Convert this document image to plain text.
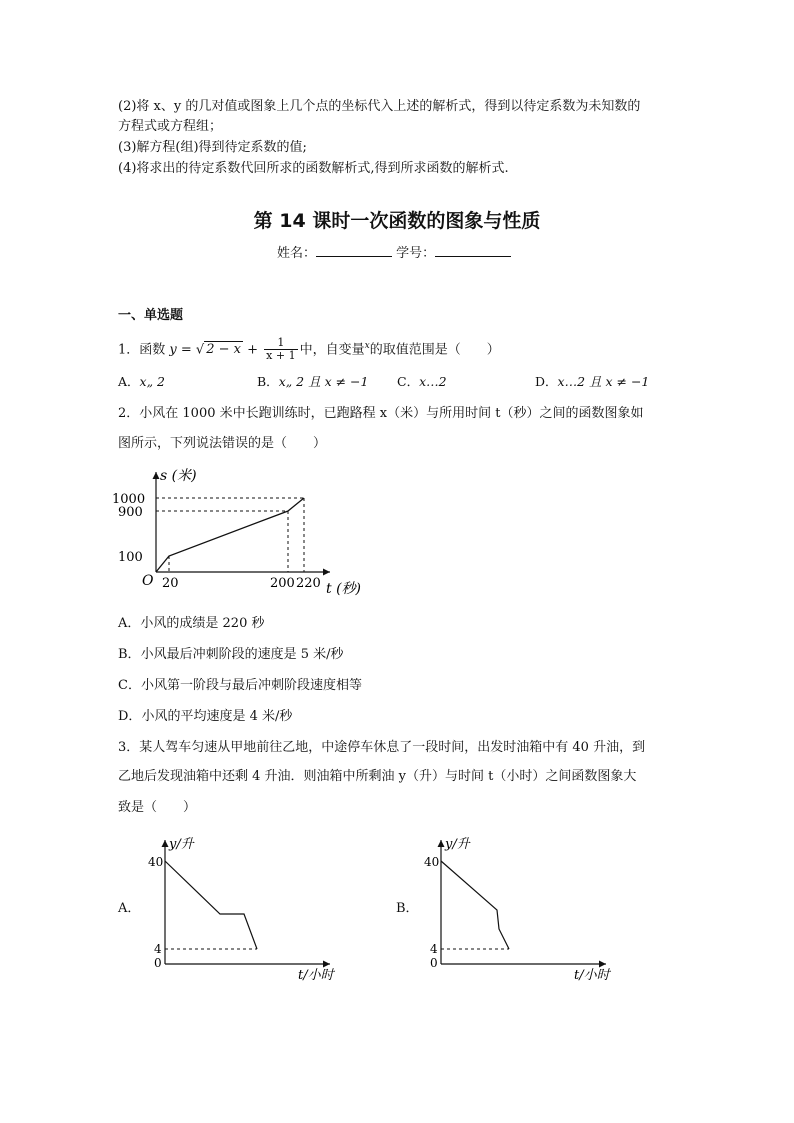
(2)将 x、y 的几对值或图象上几个点的坐标代入上述的解析式，得到以待定系数为未知数的
方程式或方程组；
(3)解方程(组)得到待定系数的值;
(4)将求出的待定系数代回所求的函数解析式,得到所求函数的解析式.
第 14 课时一次函数的图象与性质
姓名：	学号：
一、单选题
1．函数 y = √ $2 - x + \frac{1}{x + 1}$ 中，自变量$^x$的取值范围是（　　）
A．x„ 2	B．x„ 2 且 x ≠ −1 C．x…2	D．x…2 且 x ≠ −1
2．小风在 1000 米中长跑训练时，已跑路程 x（米）与所用时间 t（秒）之间的函数图象如
图所示，下列说法错误的是（　　）
s (米)
t (秒)
O
100
900
1000
20	200 220
A．小风的成绩是 220 秒
B．小风最后冲刺阶段的速度是 5 米/秒
C．小风第一阶段与最后冲刺阶段速度相等
D．小风的平均速度是 4 米/秒
3．某人驾车匀速从甲地前往乙地，中途停车休息了一段时间，出发时油箱中有 40 升油，到
乙地后发现油箱中还剩 4 升油．则油箱中所剩油 y（升）与时间 t（小时）之间函数图象大
致是（　　）
A．
y/升
t/小时
40
4
0
B．
y/升
t/小时
40
4
0
